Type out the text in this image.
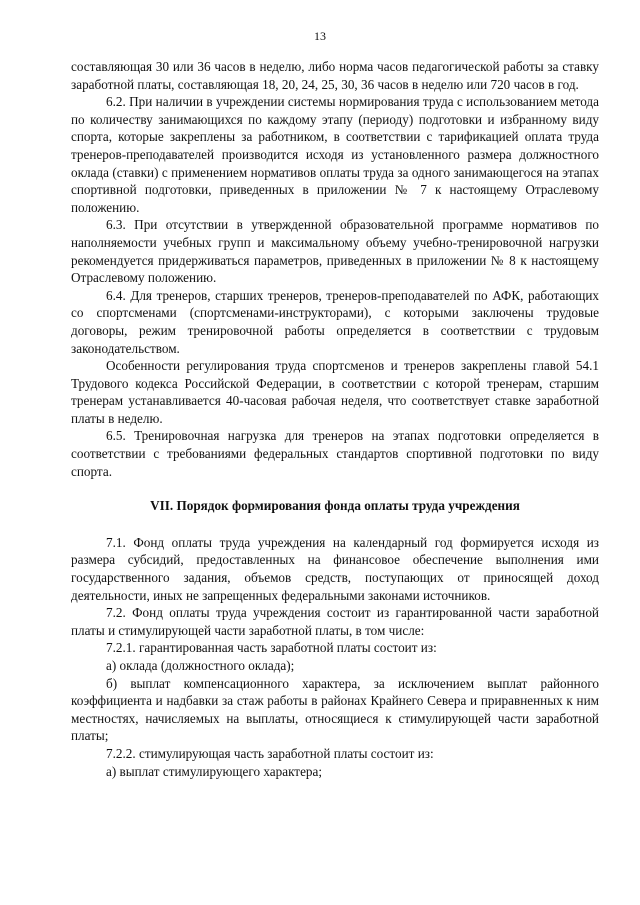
13

составляющая 30 или 36 часов в неделю, либо норма часов педагогической работы за ставку заработной платы, составляющая 18, 20, 24, 25, 30, 36 часов в неделю или 720 часов в год.

6.2. При наличии в учреждении системы нормирования труда с использованием метода по количеству занимающихся по каждому этапу (периоду) подготовки и избранному виду спорта, которые закреплены за работником, в соответствии с тарификацией оплата труда тренеров-преподавателей производится исходя из установленного размера должностного оклада (ставки) с применением нормативов оплаты труда за одного занимающегося на этапах спортивной подготовки, приведенных в приложении № 7 к настоящему Отраслевому положению.

6.3. При отсутствии в утвержденной образовательной программе нормативов по наполняемости учебных групп и максимальному объему учебно-тренировочной нагрузки рекомендуется придерживаться параметров, приведенных в приложении № 8 к настоящему Отраслевому положению.

6.4. Для тренеров, старших тренеров, тренеров-преподавателей по АФК, работающих со спортсменами (спортсменами-инструкторами), с которыми заключены трудовые договоры, режим тренировочной работы определяется в соответствии с трудовым законодательством.

Особенности регулирования труда спортсменов и тренеров закреплены главой 54.1 Трудового кодекса Российской Федерации, в соответствии с которой тренерам, старшим тренерам устанавливается 40-часовая рабочая неделя, что соответствует ставке заработной платы в неделю.

6.5. Тренировочная нагрузка для тренеров на этапах подготовки определяется в соответствии с требованиями федеральных стандартов спортивной подготовки по виду спорта.

VII. Порядок формирования фонда оплаты труда учреждения

7.1. Фонд оплаты труда учреждения на календарный год формируется исходя из размера субсидий, предоставленных на финансовое обеспечение выполнения ими государственного задания, объемов средств, поступающих от приносящей доход деятельности, иных не запрещенных федеральными законами источников.

7.2. Фонд оплаты труда учреждения состоит из гарантированной части заработной платы и стимулирующей части заработной платы, в том числе:

7.2.1. гарантированная часть заработной платы состоит из:

а) оклада (должностного оклада);

б) выплат компенсационного характера, за исключением выплат районного коэффициента и надбавки за стаж работы в районах Крайнего Севера и приравненных к ним местностях, начисляемых на выплаты, относящиеся к стимулирующей части заработной платы;

7.2.2. стимулирующая часть заработной платы состоит из:

а) выплат стимулирующего характера;
